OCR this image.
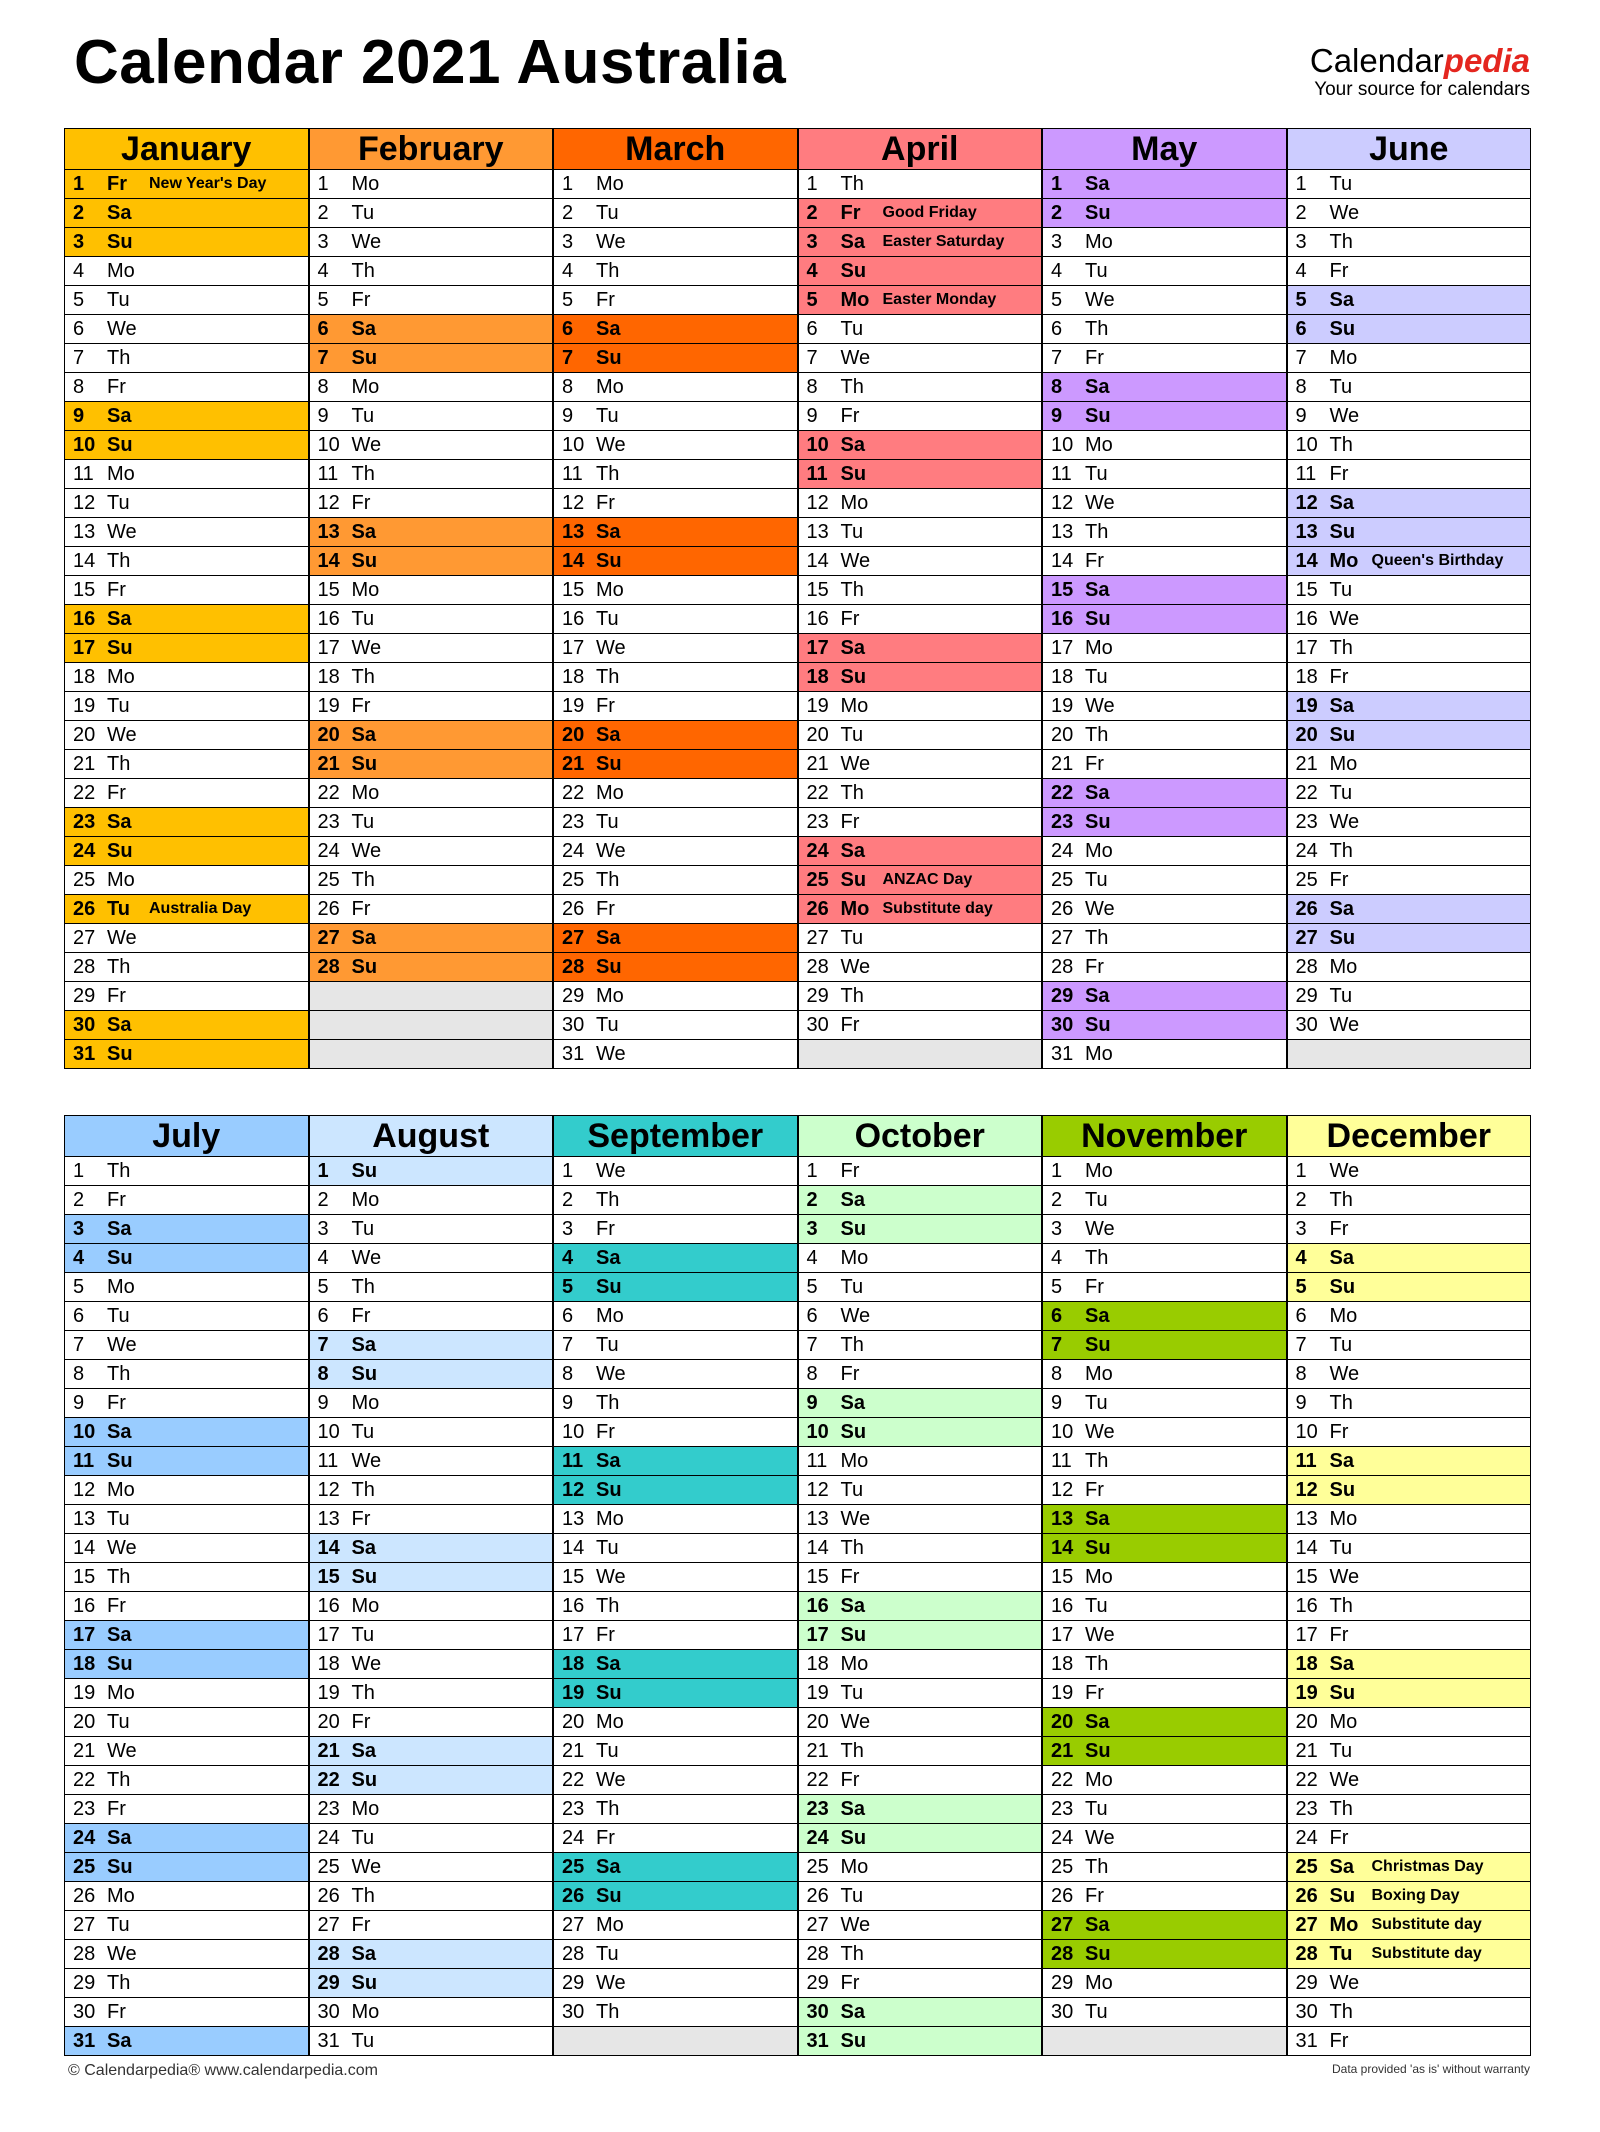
Calendar 2021 Australia	Calendarpedia
Your source for calendars
January
1	Fr New Year's Day
2	Sa
3	Su
4	Mo
5	Tu
6	We
7	Th
8	Fr
9	Sa
10 Su
11 Mo
12 Tu
13 We
14 Th
15 Fr
16 Sa
17 Su
18 Mo
19 Tu
20 We
21 Th
22 Fr
23 Sa
24 Su
25 Mo
26 Tu Australia Day
27 We
28 Th
29 Fr
30 Sa
31 Su
February
1	Mo
2	Tu
3	We
4	Th
5	Fr
6	Sa
7	Su
8	Mo
9	Tu
10 We
11 Th
12 Fr
13 Sa
14 Su
15 Mo
16 Tu
17 We
18 Th
19 Fr
20 Sa
21 Su
22 Mo
23 Tu
24 We
25 Th
26 Fr
27 Sa
28 Su
March
1	Mo
2	Tu
3	We
4	Th
5	Fr
6	Sa
7	Su
8	Mo
9	Tu
10 We
11 Th
12 Fr
13 Sa
14 Su
15 Mo
16 Tu
17 We
18 Th
19 Fr
20 Sa
21 Su
22 Mo
23 Tu
24 We
25 Th
26 Fr
27 Sa
28 Su
29 Mo
30 Tu
31 We
April
1	Th
2	Fr Good Friday
3	Sa Easter Saturday
4	Su
5	Mo Easter Monday
6	Tu
7	We
8	Th
9	Fr
10 Sa
11 Su
12 Mo
13 Tu
14 We
15 Th
16 Fr
17 Sa
18 Su
19 Mo
20 Tu
21 We
22 Th
23 Fr
24 Sa
25 Su ANZAC Day
26 Mo Substitute day
27 Tu
28 We
29 Th
30 Fr
May
1	Sa
2	Su
3	Mo
4	Tu
5	We
6	Th
7	Fr
8	Sa
9	Su
10 Mo
11 Tu
12 We
13 Th
14 Fr
15 Sa
16 Su
17 Mo
18 Tu
19 We
20 Th
21 Fr
22 Sa
23 Su
24 Mo
25 Tu
26 We
27 Th
28 Fr
29 Sa
30 Su
31 Mo
June
1	Tu
2	We
3	Th
4	Fr
5	Sa
6	Su
7	Mo
8	Tu
9	We
10 Th
11 Fr
12 Sa
13 Su
14 Mo Queen's Birthday
15 Tu
16 We
17 Th
18 Fr
19 Sa
20 Su
21 Mo
22 Tu
23 We
24 Th
25 Fr
26 Sa
27 Su
28 Mo
29 Tu
30 We
July
1	Th
2	Fr
3	Sa
4	Su
5	Mo
6	Tu
7	We
8	Th
9	Fr
10 Sa
11 Su
12 Mo
13 Tu
14 We
15 Th
16 Fr
17 Sa
18 Su
19 Mo
20 Tu
21 We
22 Th
23 Fr
24 Sa
25 Su
26 Mo
27 Tu
28 We
29 Th
30 Fr
31 Sa
August
1	Su
2	Mo
3	Tu
4	We
5	Th
6	Fr
7	Sa
8	Su
9	Mo
10 Tu
11 We
12 Th
13 Fr
14 Sa
15 Su
16 Mo
17 Tu
18 We
19 Th
20 Fr
21 Sa
22 Su
23 Mo
24 Tu
25 We
26 Th
27 Fr
28 Sa
29 Su
30 Mo
31 Tu
September
1	We
2	Th
3	Fr
4	Sa
5	Su
6	Mo
7	Tu
8	We
9	Th
10 Fr
11 Sa
12 Su
13 Mo
14 Tu
15 We
16 Th
17 Fr
18 Sa
19 Su
20 Mo
21 Tu
22 We
23 Th
24 Fr
25 Sa
26 Su
27 Mo
28 Tu
29 We
30 Th
October
1	Fr
2	Sa
3	Su
4	Mo
5	Tu
6	We
7	Th
8	Fr
9	Sa
10 Su
11 Mo
12 Tu
13 We
14 Th
15 Fr
16 Sa
17 Su
18 Mo
19 Tu
20 We
21 Th
22 Fr
23 Sa
24 Su
25 Mo
26 Tu
27 We
28 Th
29 Fr
30 Sa
31 Su
November
1	Mo
2	Tu
3	We
4	Th
5	Fr
6	Sa
7	Su
8	Mo
9	Tu
10 We
11 Th
12 Fr
13 Sa
14 Su
15 Mo
16 Tu
17 We
18 Th
19 Fr
20 Sa
21 Su
22 Mo
23 Tu
24 We
25 Th
26 Fr
27 Sa
28 Su
29 Mo
30 Tu
December
1	We
2	Th
3	Fr
4	Sa
5	Su
6	Mo
7	Tu
8	We
9	Th
10 Fr
11 Sa
12 Su
13 Mo
14 Tu
15 We
16 Th
17 Fr
18 Sa
19 Su
20 Mo
21 Tu
22 We
23 Th
24 Fr
25 Sa Christmas Day
26 Su Boxing Day
27 Mo Substitute day
28 Tu Substitute day
29 We
30 Th
31 Fr
© Calendarpedia® www.calendarpedia.com	Data provided 'as is' without warranty
